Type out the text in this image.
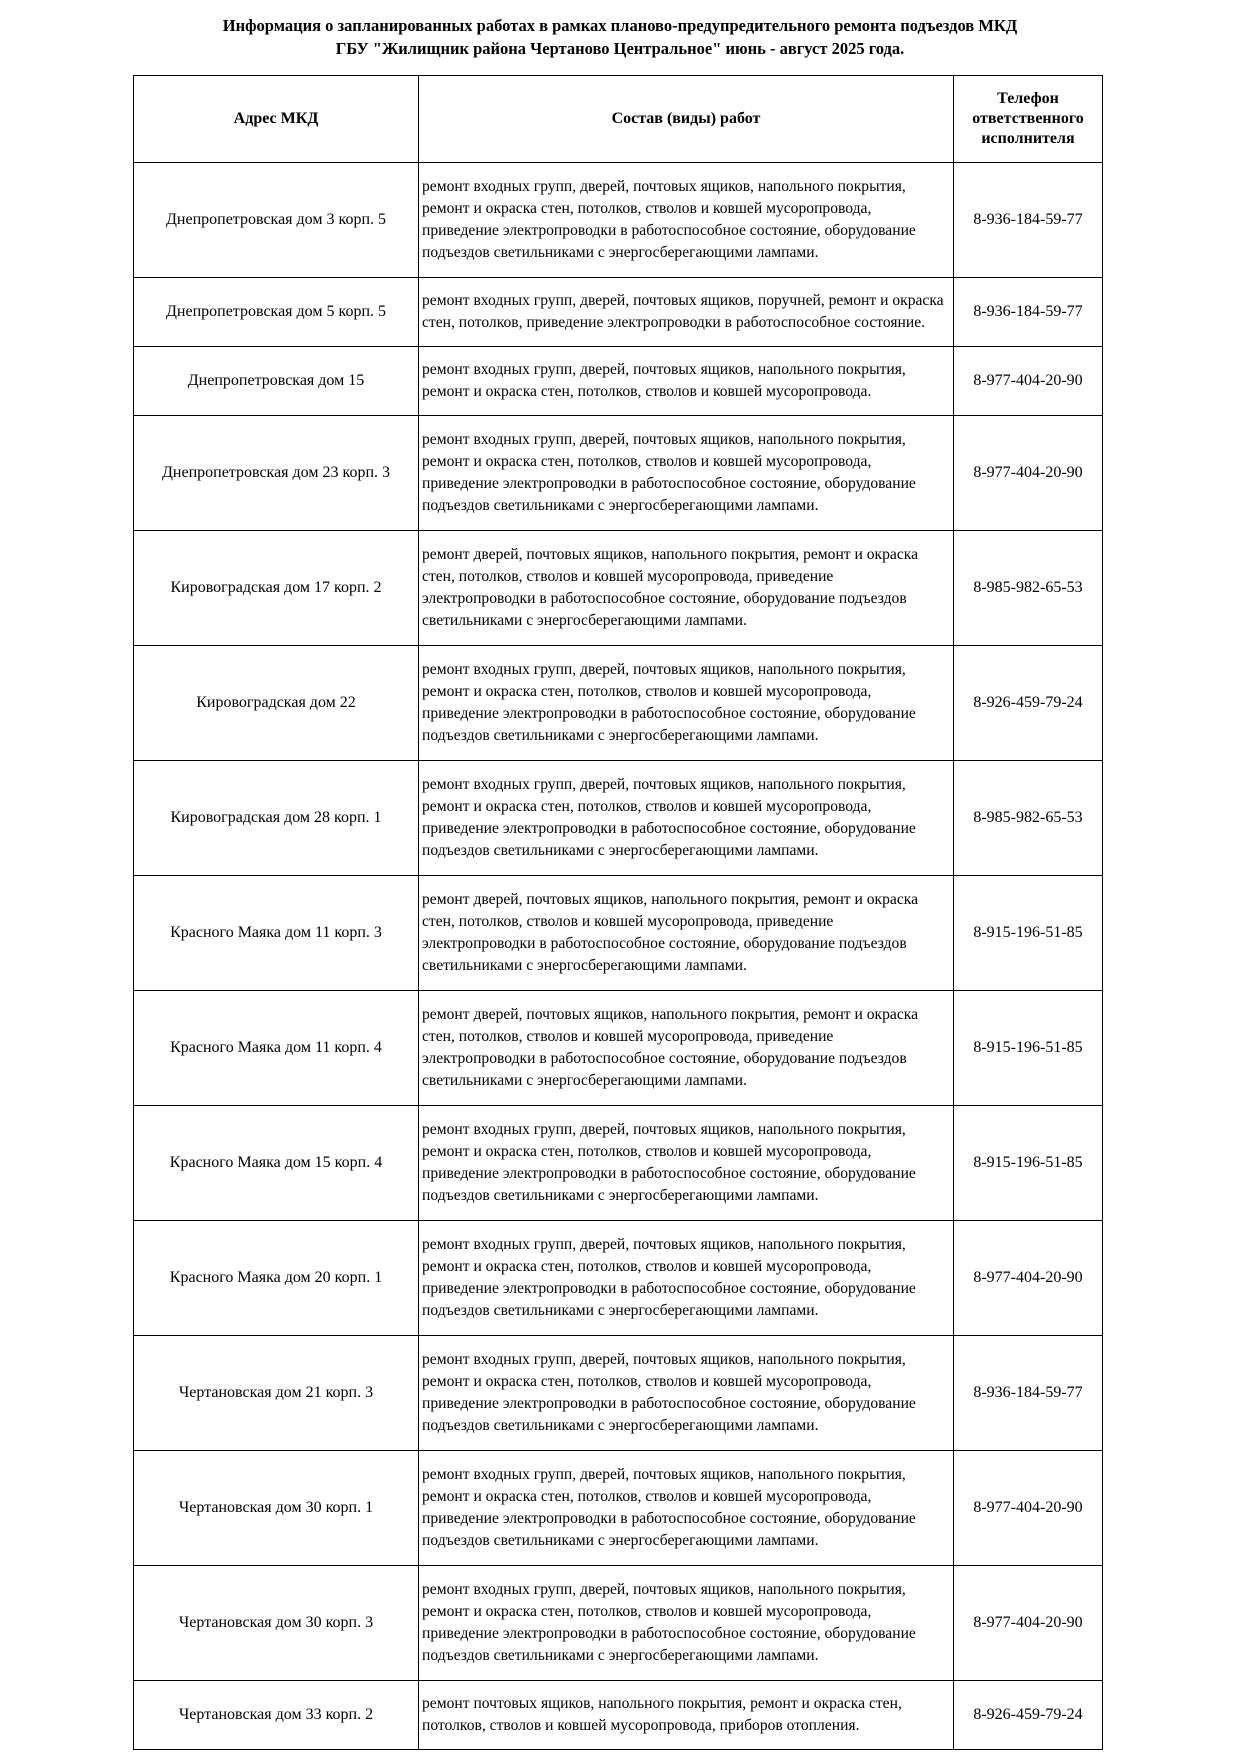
Информация о запланированных работах в рамках планово-предупредительного ремонта подъездов МКД
ГБУ "Жилищник района Чертаново Центральное" июнь - август 2025 года.
Адрес МКД	Состав (виды) работ	Телефон ответственного исполнителя
Днепропетровская дом 3 корп. 5	ремонт входных групп, дверей, почтовых ящиков, напольного покрытия, ремонт и окраска стен, потолков, стволов и ковшей мусоропровода, приведение электропроводки в работоспособное состояние, оборудование подъездов светильниками с энергосберегающими лампами.	8-936-184-59-77
Днепропетровская дом 5 корп. 5	ремонт входных групп, дверей, почтовых ящиков, поручней, ремонт и окраска стен, потолков, приведение электропроводки в работоспособное состояние.	8-936-184-59-77
Днепропетровская дом 15	ремонт входных групп, дверей, почтовых ящиков, напольного покрытия, ремонт и окраска стен, потолков, стволов и ковшей мусоропровода.	8-977-404-20-90
Днепропетровская дом 23 корп. 3	ремонт входных групп, дверей, почтовых ящиков, напольного покрытия, ремонт и окраска стен, потолков, стволов и ковшей мусоропровода, приведение электропроводки в работоспособное состояние, оборудование подъездов светильниками с энергосберегающими лампами.	8-977-404-20-90
Кировоградская дом 17 корп. 2	ремонт дверей, почтовых ящиков, напольного покрытия, ремонт и окраска стен, потолков, стволов и ковшей мусоропровода, приведение электропроводки в работоспособное состояние, оборудование подъездов светильниками с энергосберегающими лампами.	8-985-982-65-53
Кировоградская дом 22	ремонт входных групп, дверей, почтовых ящиков, напольного покрытия, ремонт и окраска стен, потолков, стволов и ковшей мусоропровода, приведение электропроводки в работоспособное состояние, оборудование подъездов светильниками с энергосберегающими лампами.	8-926-459-79-24
Кировоградская дом 28 корп. 1	ремонт входных групп, дверей, почтовых ящиков, напольного покрытия, ремонт и окраска стен, потолков, стволов и ковшей мусоропровода, приведение электропроводки в работоспособное состояние, оборудование подъездов светильниками с энергосберегающими лампами.	8-985-982-65-53
Красного Маяка дом 11 корп. 3	ремонт дверей, почтовых ящиков, напольного покрытия, ремонт и окраска стен, потолков, стволов и ковшей мусоропровода, приведение электропроводки в работоспособное состояние, оборудование подъездов светильниками с энергосберегающими лампами.	8-915-196-51-85
Красного Маяка дом 11 корп. 4	ремонт дверей, почтовых ящиков, напольного покрытия, ремонт и окраска стен, потолков, стволов и ковшей мусоропровода, приведение электропроводки в работоспособное состояние, оборудование подъездов светильниками с энергосберегающими лампами.	8-915-196-51-85
Красного Маяка дом 15 корп. 4	ремонт входных групп, дверей, почтовых ящиков, напольного покрытия, ремонт и окраска стен, потолков, стволов и ковшей мусоропровода, приведение электропроводки в работоспособное состояние, оборудование подъездов светильниками с энергосберегающими лампами.	8-915-196-51-85
Красного Маяка дом 20 корп. 1	ремонт входных групп, дверей, почтовых ящиков, напольного покрытия, ремонт и окраска стен, потолков, стволов и ковшей мусоропровода, приведение электропроводки в работоспособное состояние, оборудование подъездов светильниками с энергосберегающими лампами.	8-977-404-20-90
Чертановская дом 21 корп. 3	ремонт входных групп, дверей, почтовых ящиков, напольного покрытия, ремонт и окраска стен, потолков, стволов и ковшей мусоропровода, приведение электропроводки в работоспособное состояние, оборудование подъездов светильниками с энергосберегающими лампами.	8-936-184-59-77
Чертановская дом 30 корп. 1	ремонт входных групп, дверей, почтовых ящиков, напольного покрытия, ремонт и окраска стен, потолков, стволов и ковшей мусоропровода, приведение электропроводки в работоспособное состояние, оборудование подъездов светильниками с энергосберегающими лампами.	8-977-404-20-90
Чертановская дом 30 корп. 3	ремонт входных групп, дверей, почтовых ящиков, напольного покрытия, ремонт и окраска стен, потолков, стволов и ковшей мусоропровода, приведение электропроводки в работоспособное состояние, оборудование подъездов светильниками с энергосберегающими лампами.	8-977-404-20-90
Чертановская дом 33 корп. 2	ремонт почтовых ящиков, напольного покрытия, ремонт и окраска стен, потолков, стволов и ковшей мусоропровода, приборов отопления.	8-926-459-79-24
